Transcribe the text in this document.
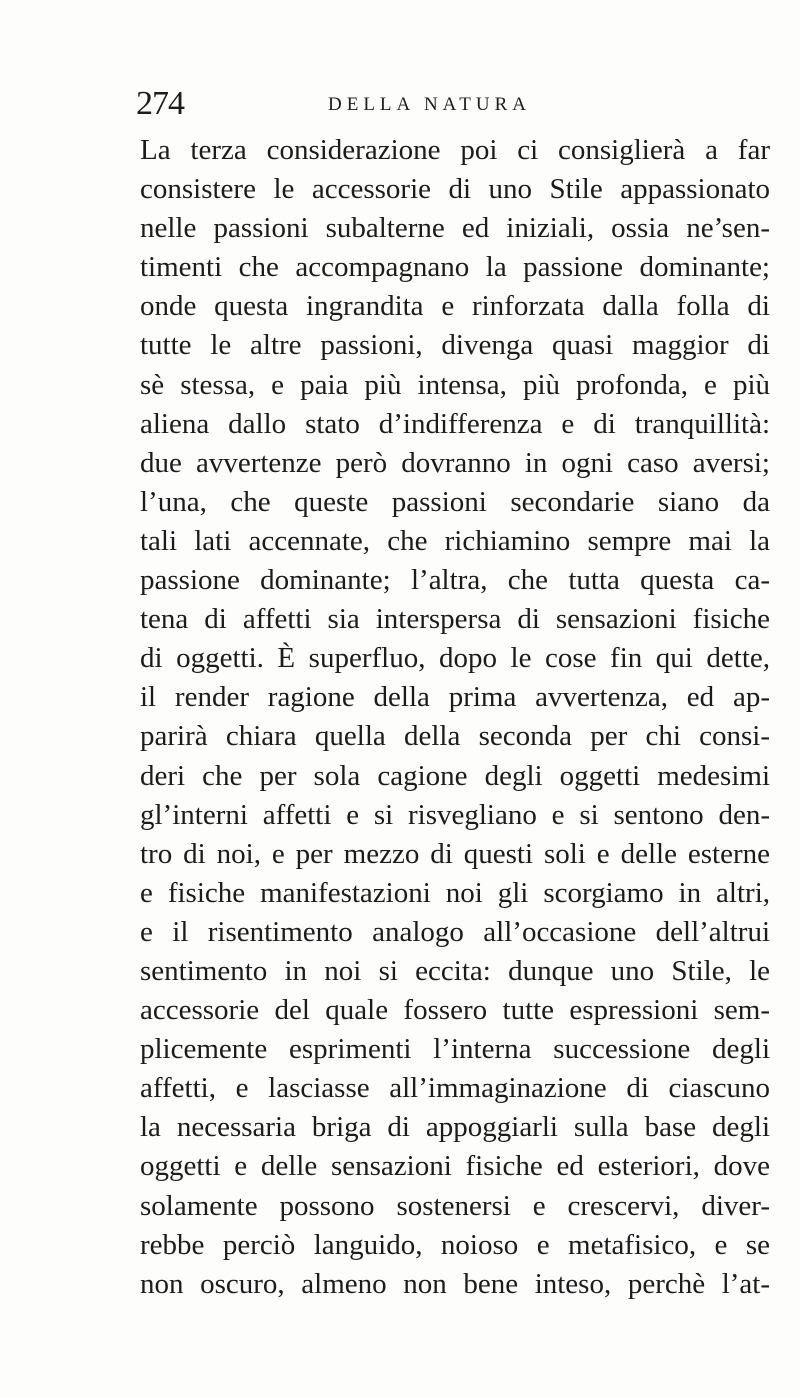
274	DELLA NATURA
La terza considerazione poi ci consiglierà a far
consistere le accessorie di uno Stile appassionato
nelle passioni subalterne ed iniziali, ossia ne’sen-
timenti che accompagnano la passione dominante;
onde questa ingrandita e rinforzata dalla folla di
tutte le altre passioni, divenga quasi maggior di
sè stessa, e paia più intensa, più profonda, e più
aliena dallo stato d’indifferenza e di tranquillità:
due avvertenze però dovranno in ogni caso aversi;
l’una, che queste passioni secondarie siano da
tali lati accennate, che richiamino sempre mai la
passione dominante; l’altra, che tutta questa ca-
tena di affetti sia interspersa di sensazioni fisiche
di oggetti. È superfluo, dopo le cose fin qui dette,
il render ragione della prima avvertenza, ed ap-
parirà chiara quella della seconda per chi consi-
deri che per sola cagione degli oggetti medesimi
gl’interni affetti e si risvegliano e si sentono den-
tro di noi, e per mezzo di questi soli e delle esterne
e fisiche manifestazioni noi gli scorgiamo in altri,
e il risentimento analogo all’occasione dell’altrui
sentimento in noi si eccita: dunque uno Stile, le
accessorie del quale fossero tutte espressioni sem-
plicemente esprimenti l’interna successione degli
affetti, e lasciasse all’immaginazione di ciascuno
la necessaria briga di appoggiarli sulla base degli
oggetti e delle sensazioni fisiche ed esteriori, dove
solamente possono sostenersi e crescervi, diver-
rebbe perciò languido, noioso e metafisico, e se
non oscuro, almeno non bene inteso, perchè l’at-
